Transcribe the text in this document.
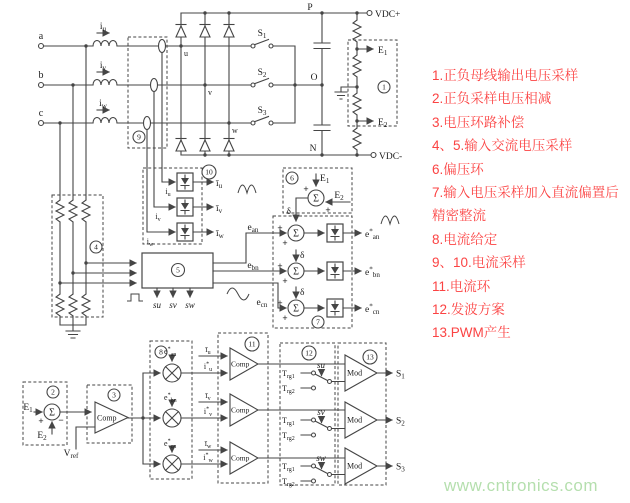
1
2	3
4
5
6
7
8
9
10
11
12	13
a
b
c
$i_u$
$i_v$
$i_w$
u
v
w
$S_1$
$S_2$
$S_3$
P
O
N
VDC+
VDC-
$E_1$
$E_2$
$i_u$
$i_v$
$i_w$
$ī_u$
$ī_v$
$ī_w$
su sv sw
$e_{an}$
$e_{bn}$
$e_{cn}$
$E_1$
$E_2$
Σ
+
+
δ
δ
δ
Σ
Σ
Σ
+
+
+
+
+
+
$e^*_{an}$
$e^*_{bn}$
$e^*_{cn}$
$E_1$
$E_2$
Σ
+ −	Comp
$V_{ref}$
$e^*_{an}$
$e^*_{bn}$
$e^*_{cn}$
$ī_u$
$i^*_u$
$ī_v$
$i^*_v$
$ī_w$
$i^*_w$
Comp
Comp
Comp
$T_{rg1}$
$T_{rg2}$
su
$T_{rg1}$
$T_{rg2}$
sv
$T_{rg1}$
$T_{rg2}$
sw
Mod
Mod
Mod
$S_1$
$S_2$
$S_3$
1.正负母线输出电压采样
2.正负采样电压相减
3.电压环路补偿
4、5.输入交流电压采样
6.偏压环
7.输入电压采样加入直流偏置后
精密整流
8.电流给定
9、10.电流采样
11.电流环
12.发波方案
13.PWM产生
www.cntronics.com
